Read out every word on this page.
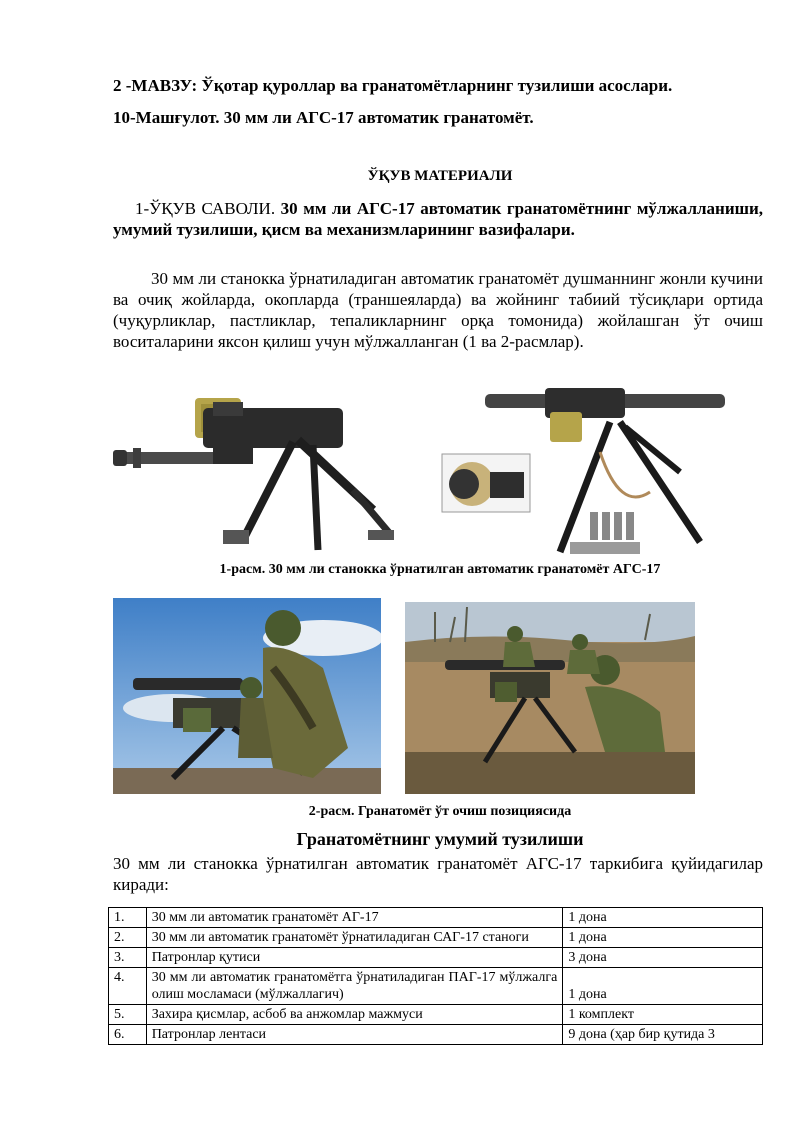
2 -МАВЗУ: Ўқотар қуроллар ва гранатомётларнинг тузилиши асослари.
10-Машғулот. 30 мм ли АГС-17 автоматик гранатомёт.
ЎҚУВ МАТЕРИАЛИ
1-ЎҚУВ САВОЛИ. 30 мм ли АГС-17 автоматик гранатомётнинг мўлжалланиши, умумий тузилиши, қисм ва механизмларининг вазифалари.
30 мм ли станокка ўрнатиладиган автоматик гранатомёт душманнинг жонли кучини ва очиқ жойларда, окопларда (траншеяларда) ва жойнинг табиий тўсиқлари ортида (чуқурликлар, пастликлар, тепаликларнинг орқа томонида) жойлашган ўт очиш воситаларини яксон қилиш учун мўлжалланган (1 ва 2-расмлар).
1-расм. 30 мм ли станокка ўрнатилган автоматик гранатомёт АГС-17
2-расм. Гранатомёт ўт очиш позициясида
Гранатомётнинг умумий тузилиши
30 мм ли станокка ўрнатилган автоматик гранатомёт АГС-17 таркибига қуйидагилар киради:
1.	30 мм ли автоматик гранатомёт АГ-17	1 дона
2.	30 мм ли автоматик гранатомёт ўрнатиладиган САГ-17 станоги	1 дона
3.	Патронлар қутиси	3 дона
4.	30 мм ли автоматик гранатомётга ўрнатиладиган ПАГ-17 мўлжалга олиш мосламаси (мўлжаллагич)	1 дона
5.	Захира қисмлар, асбоб ва анжомлар мажмуси	1 комплект
6.	Патронлар лентаси	9 дона (ҳар бир қутида 3
